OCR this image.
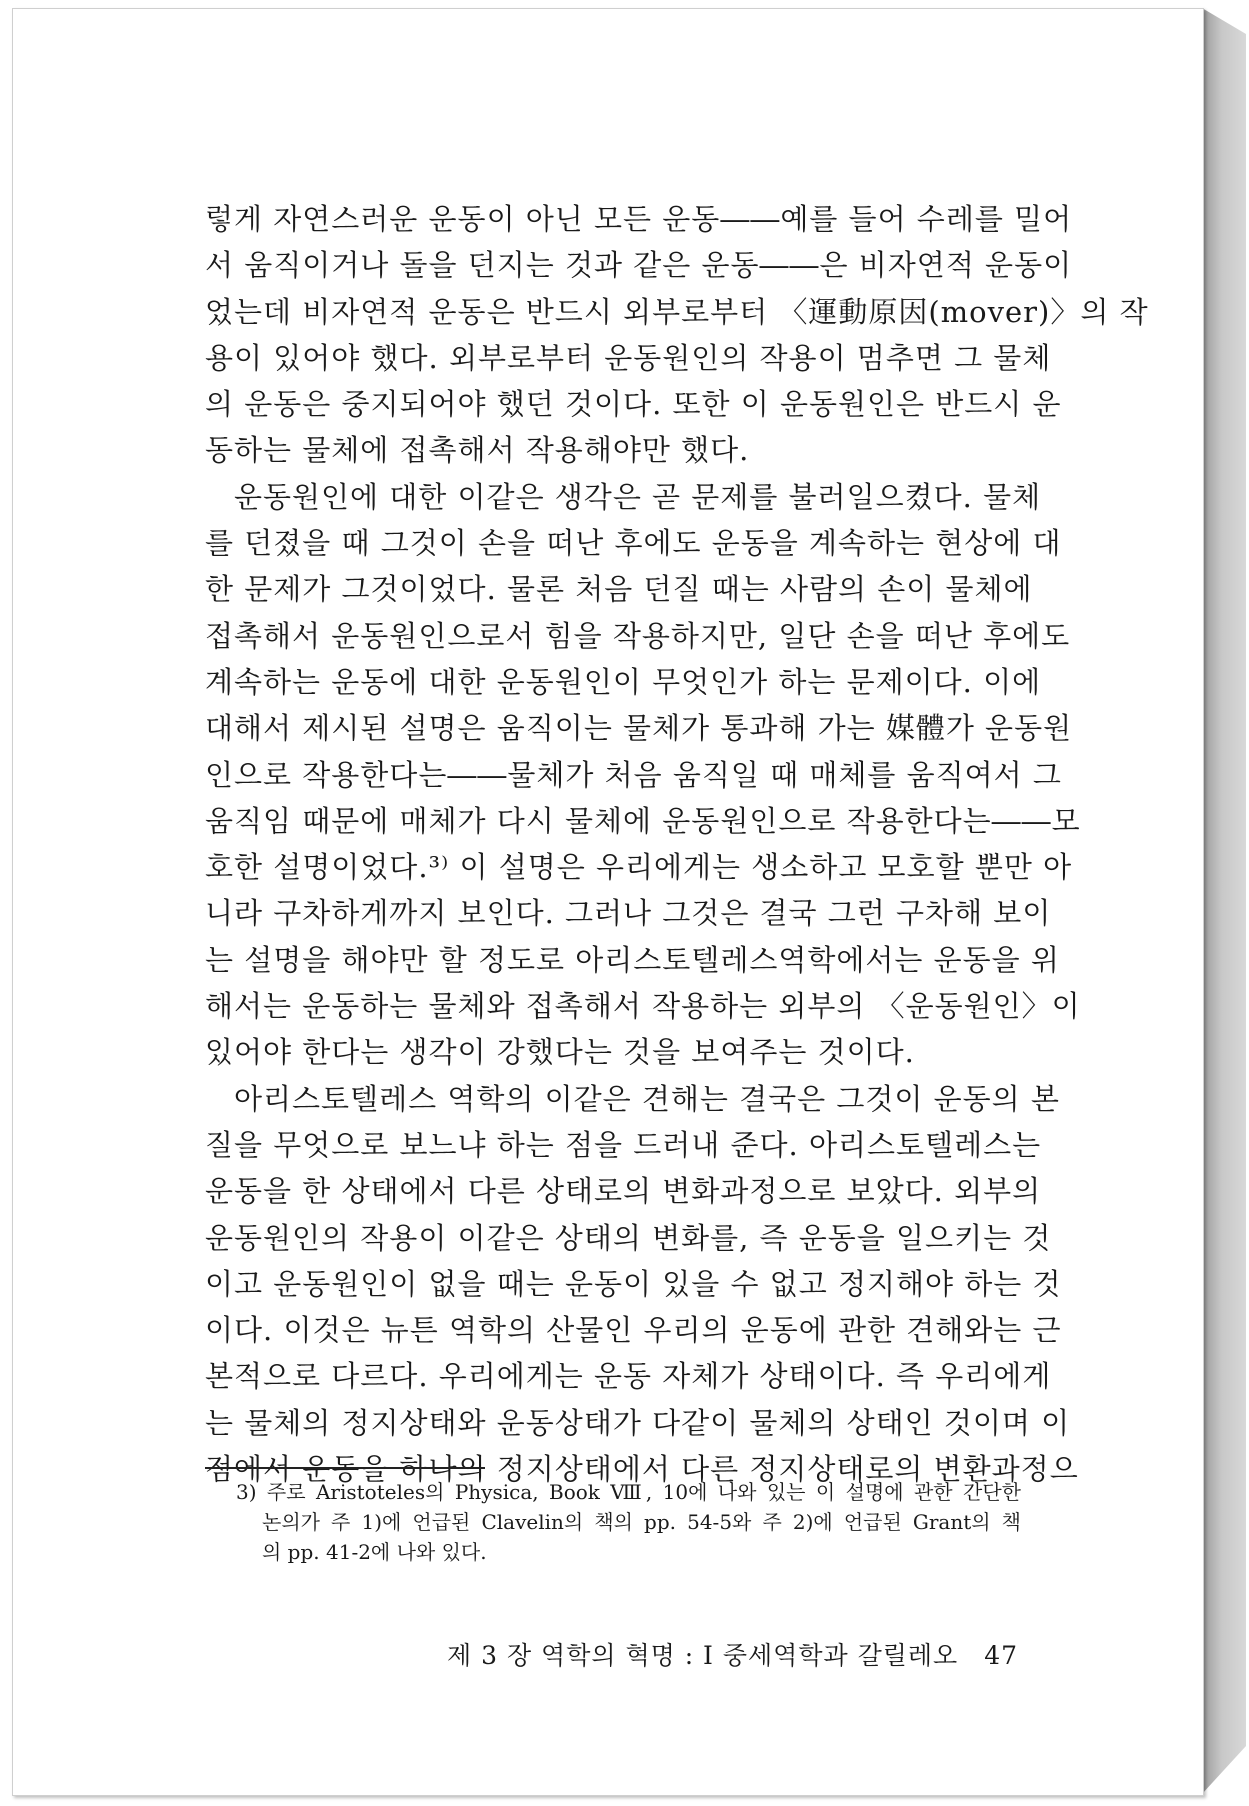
렇게 자연스러운 운동이 아닌 모든 운동――예를 들어 수레를 밀어
서 움직이거나 돌을 던지는 것과 같은 운동――은 비자연적 운동이
었는데 비자연적 운동은 반드시 외부로부터 〈運動原因(mover)〉의 작
용이 있어야 했다. 외부로부터 운동원인의 작용이 멈추면 그 물체
의 운동은 중지되어야 했던 것이다. 또한 이 운동원인은 반드시 운
동하는 물체에 접촉해서 작용해야만 했다.
운동원인에 대한 이같은 생각은 곧 문제를 불러일으켰다. 물체
를 던졌을 때 그것이 손을 떠난 후에도 운동을 계속하는 현상에 대
한 문제가 그것이었다. 물론 처음 던질 때는 사람의 손이 물체에
접촉해서 운동원인으로서 힘을 작용하지만, 일단 손을 떠난 후에도
계속하는 운동에 대한 운동원인이 무엇인가 하는 문제이다. 이에
대해서 제시된 설명은 움직이는 물체가 통과해 가는 媒體가 운동원
인으로 작용한다는――물체가 처음 움직일 때 매체를 움직여서 그
움직임 때문에 매체가 다시 물체에 운동원인으로 작용한다는――모
호한 설명이었다.³⁾ 이 설명은 우리에게는 생소하고 모호할 뿐만 아
니라 구차하게까지 보인다. 그러나 그것은 결국 그런 구차해 보이
는 설명을 해야만 할 정도로 아리스토텔레스역학에서는 운동을 위
해서는 운동하는 물체와 접촉해서 작용하는 외부의 〈운동원인〉이
있어야 한다는 생각이 강했다는 것을 보여주는 것이다.
아리스토텔레스 역학의 이같은 견해는 결국은 그것이 운동의 본
질을 무엇으로 보느냐 하는 점을 드러내 준다. 아리스토텔레스는
운동을 한 상태에서 다른 상태로의 변화과정으로 보았다. 외부의
운동원인의 작용이 이같은 상태의 변화를, 즉 운동을 일으키는 것
이고 운동원인이 없을 때는 운동이 있을 수 없고 정지해야 하는 것
이다. 이것은 뉴튼 역학의 산물인 우리의 운동에 관한 견해와는 근
본적으로 다르다. 우리에게는 운동 자체가 상태이다. 즉 우리에게
는 물체의 정지상태와 운동상태가 다같이 물체의 상태인 것이며 이
점에서 운동을 하나의 정지상태에서 다른 정지상태로의 변환과정으
3) 주로 Aristoteles의 Physica, Book Ⅷ, 10에 나와 있는 이 설명에 관한 간단한
논의가 주 1)에 언급된 Clavelin의 책의 pp. 54-5와 주 2)에 언급된 Grant의 책
의 pp. 41-2에 나와 있다.
제 3 장 역학의 혁명 : I 중세역학과 갈릴레오 47
